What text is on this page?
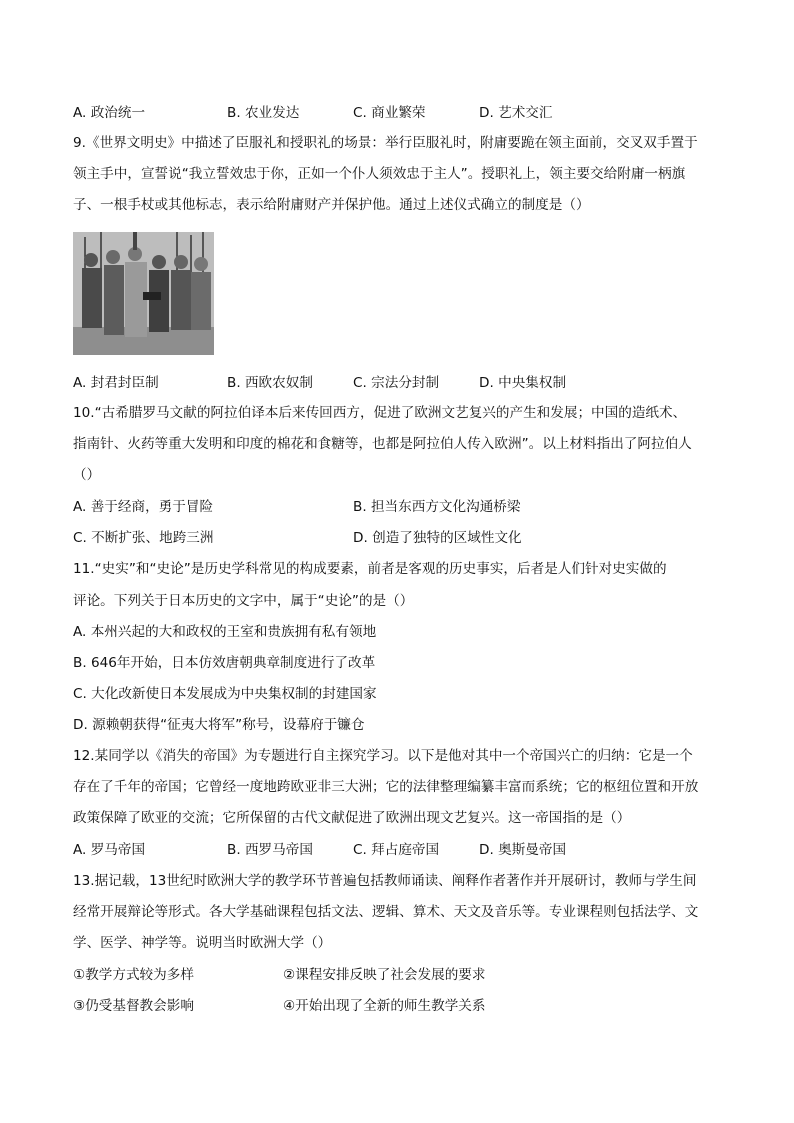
A. 政治统一	B. 农业发达	C. 商业繁荣	D. 艺术交汇
9.《世界文明史》中描述了臣服礼和授职礼的场景：举行臣服礼时，附庸要跪在领主面前，交叉双手置于
领主手中，宣誓说“我立誓效忠于你，正如一个仆人须效忠于主人”。授职礼上，领主要交给附庸一柄旗
子、一根手杖或其他标志，表示给附庸财产并保护他。通过上述仪式确立的制度是（）
A. 封君封臣制	B. 西欧农奴制	C. 宗法分封制	D. 中央集权制
10.“古希腊罗马文献的阿拉伯译本后来传回西方，促进了欧洲文艺复兴的产生和发展；中国的造纸术、
指南针、火药等重大发明和印度的棉花和食糖等，也都是阿拉伯人传入欧洲”。以上材料指出了阿拉伯人
（）
A. 善于经商，勇于冒险	B. 担当东西方文化沟通桥梁
C. 不断扩张、地跨三洲	D. 创造了独特的区域性文化
11.“史实”和“史论”是历史学科常见的构成要素，前者是客观的历史事实，后者是人们针对史实做的
评论。下列关于日本历史的文字中，属于“史论”的是（）
A. 本州兴起的大和政权的王室和贵族拥有私有领地
B. 646年开始，日本仿效唐朝典章制度进行了改革
C. 大化改新使日本发展成为中央集权制的封建国家
D. 源赖朝获得“征夷大将军”称号，设幕府于镰仓
12.某同学以《消失的帝国》为专题进行自主探究学习。以下是他对其中一个帝国兴亡的归纳：它是一个
存在了千年的帝国；它曾经一度地跨欧亚非三大洲；它的法律整理编纂丰富而系统；它的枢纽位置和开放
政策保障了欧亚的交流；它所保留的古代文献促进了欧洲出现文艺复兴。这一帝国指的是（）
A. 罗马帝国	B. 西罗马帝国	C. 拜占庭帝国	D. 奥斯曼帝国
13.据记载，13世纪时欧洲大学的教学环节普遍包括教师诵读、阐释作者著作并开展研讨，教师与学生间
经常开展辩论等形式。各大学基础课程包括文法、逻辑、算术、天文及音乐等。专业课程则包括法学、文
学、医学、神学等。说明当时欧洲大学（）
①教学方式较为多样	②课程安排反映了社会发展的要求
③仍受基督教会影响	④开始出现了全新的师生教学关系
